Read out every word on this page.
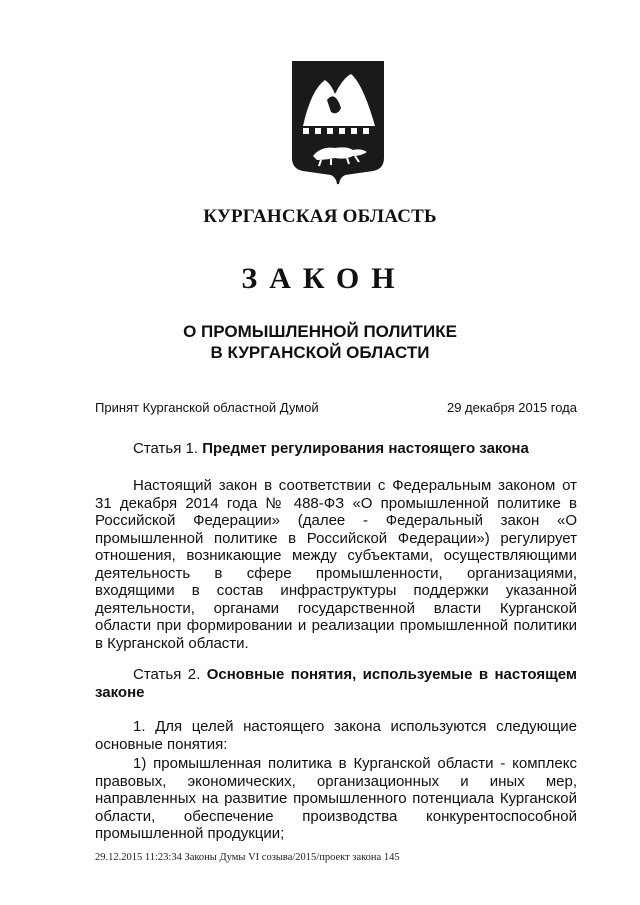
КУРГАНСКАЯ ОБЛАСТЬ
ЗАКОН
О ПРОМЫШЛЕННОЙ ПОЛИТИКЕ
В КУРГАНСКОЙ ОБЛАСТИ
Принят Курганской областной Думой	29 декабря 2015 года
Статья 1. Предмет регулирования настоящего закона

Настоящий закон в соответствии с Федеральным законом от 31 декабря 2014 года № 488-ФЗ «О промышленной политике в Российской Федерации» (далее - Федеральный закон «О промышленной политике в Российской Федерации») регулирует отношения, возникающие между субъектами, осуществляющими деятельность в сфере промышленности, организациями, входящими в состав инфраструктуры поддержки указанной деятельности, органами государственной власти Курганской области при формировании и реализации промышленной политики в Курганской области.

Статья 2. Основные понятия, используемые в настоящем
законе

1. Для целей настоящего закона используются следующие основные понятия:

1) промышленная политика в Курганской области - комплекс правовых, экономических, организационных и иных мер, направленных на развитие промышленного потенциала Курганской области, обеспечение производства конкурентоспособной промышленной продукции;

29.12.2015 11:23:34 Законы Думы VI созыва/2015/проект закона 145
